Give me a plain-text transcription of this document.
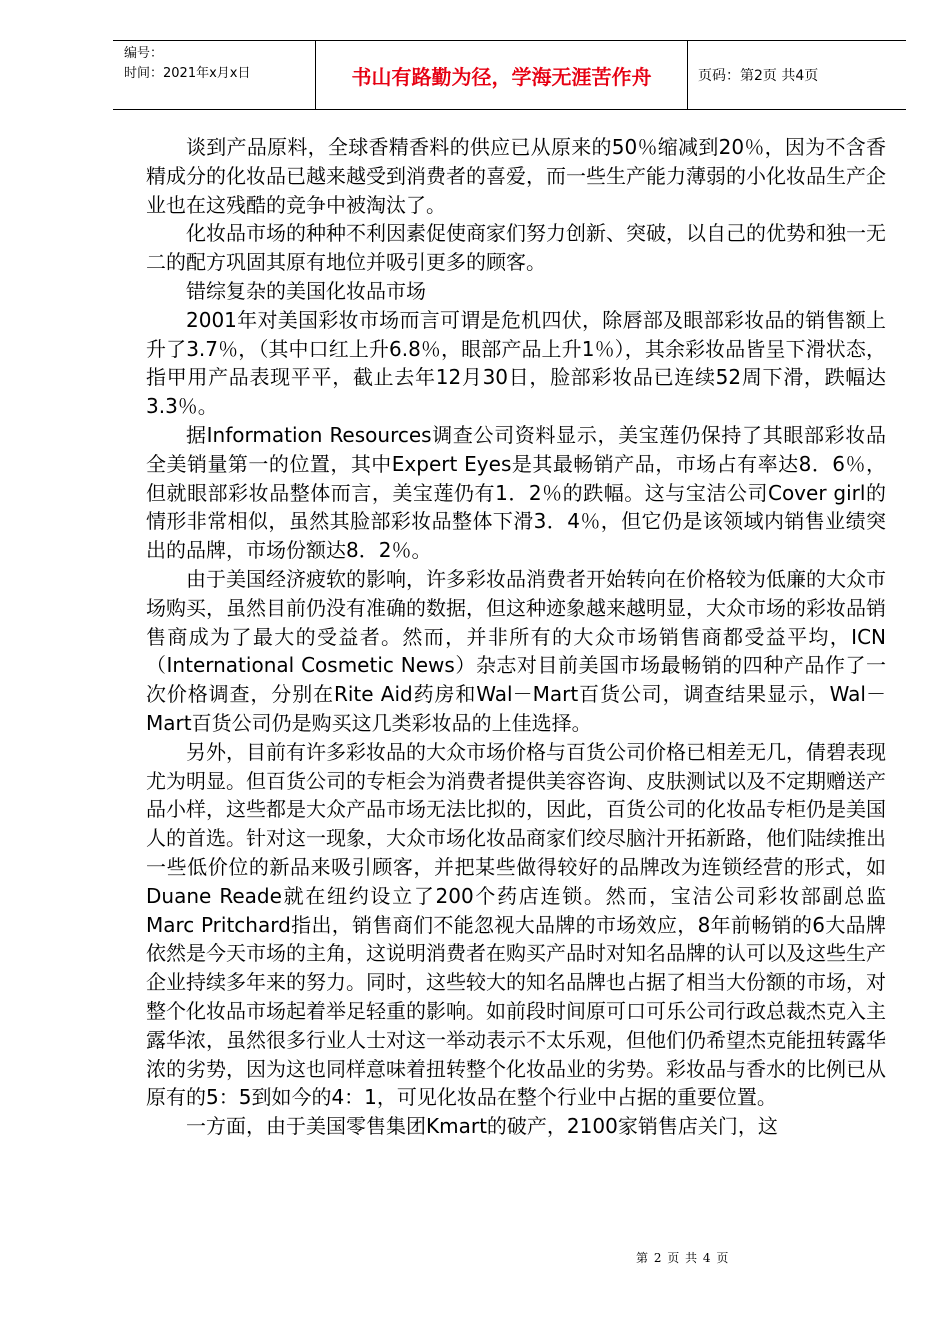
编号：
时间：2021年x月x日	书山有路勤为径，学海无涯苦作舟	页码：第2页 共4页

谈到产品原料，全球香精香料的供应已从原来的50％缩减到20％，因为不含香精成分的化妆品已越来越受到消费者的喜爱，而一些生产能力薄弱的小化妆品生产企业也在这残酷的竞争中被淘汰了。

化妆品市场的种种不利因素促使商家们努力创新、突破，以自己的优势和独一无二的配方巩固其原有地位并吸引更多的顾客。

错综复杂的美国化妆品市场

2001年对美国彩妆市场而言可谓是危机四伏，除唇部及眼部彩妆品的销售额上升了3.7％，（其中口红上升6.8％，眼部产品上升1％），其余彩妆品皆呈下滑状态，指甲用产品表现平平，截止去年12月30日，脸部彩妆品已连续52周下滑，跌幅达3.3％。

据Information Resources调查公司资料显示，美宝莲仍保持了其眼部彩妆品全美销量第一的位置，其中Expert Eyes是其最畅销产品，市场占有率达8．6％，但就眼部彩妆品整体而言，美宝莲仍有1．2％的跌幅。这与宝洁公司Cover girl的情形非常相似，虽然其脸部彩妆品整体下滑3．4％，但它仍是该领域内销售业绩突出的品牌，市场份额达8．2％。

由于美国经济疲软的影响，许多彩妆品消费者开始转向在价格较为低廉的大众市场购买，虽然目前仍没有准确的数据，但这种迹象越来越明显，大众市场的彩妆品销售商成为了最大的受益者。然而，并非所有的大众市场销售商都受益平均，ICN（International Cosmetic News）杂志对目前美国市场最畅销的四种产品作了一次价格调查，分别在Rite Aid药房和Wal－Mart百货公司，调查结果显示，Wal－Mart百货公司仍是购买这几类彩妆品的上佳选择。

另外，目前有许多彩妆品的大众市场价格与百货公司价格已相差无几，倩碧表现尤为明显。但百货公司的专柜会为消费者提供美容咨询、皮肤测试以及不定期赠送产品小样，这些都是大众产品市场无法比拟的，因此，百货公司的化妆品专柜仍是美国人的首选。针对这一现象，大众市场化妆品商家们绞尽脑汁开拓新路，他们陆续推出一些低价位的新品来吸引顾客，并把某些做得较好的品牌改为连锁经营的形式，如Duane Reade就在纽约设立了200个药店连锁。然而，宝洁公司彩妆部副总监Marc Pritchard指出，销售商们不能忽视大品牌的市场效应，8年前畅销的6大品牌依然是今天市场的主角，这说明消费者在购买产品时对知名品牌的认可以及这些生产企业持续多年来的努力。同时，这些较大的知名品牌也占据了相当大份额的市场，对整个化妆品市场起着举足轻重的影响。如前段时间原可口可乐公司行政总裁杰克入主露华浓，虽然很多行业人士对这一举动表示不太乐观，但他们仍希望杰克能扭转露华浓的劣势，因为这也同样意味着扭转整个化妆品业的劣势。彩妆品与香水的比例已从原有的5：5到如今的4：1，可见化妆品在整个行业中占据的重要位置。

一方面，由于美国零售集团Kmart的破产，2100家销售店关门，这

第 2 页 共 4 页
